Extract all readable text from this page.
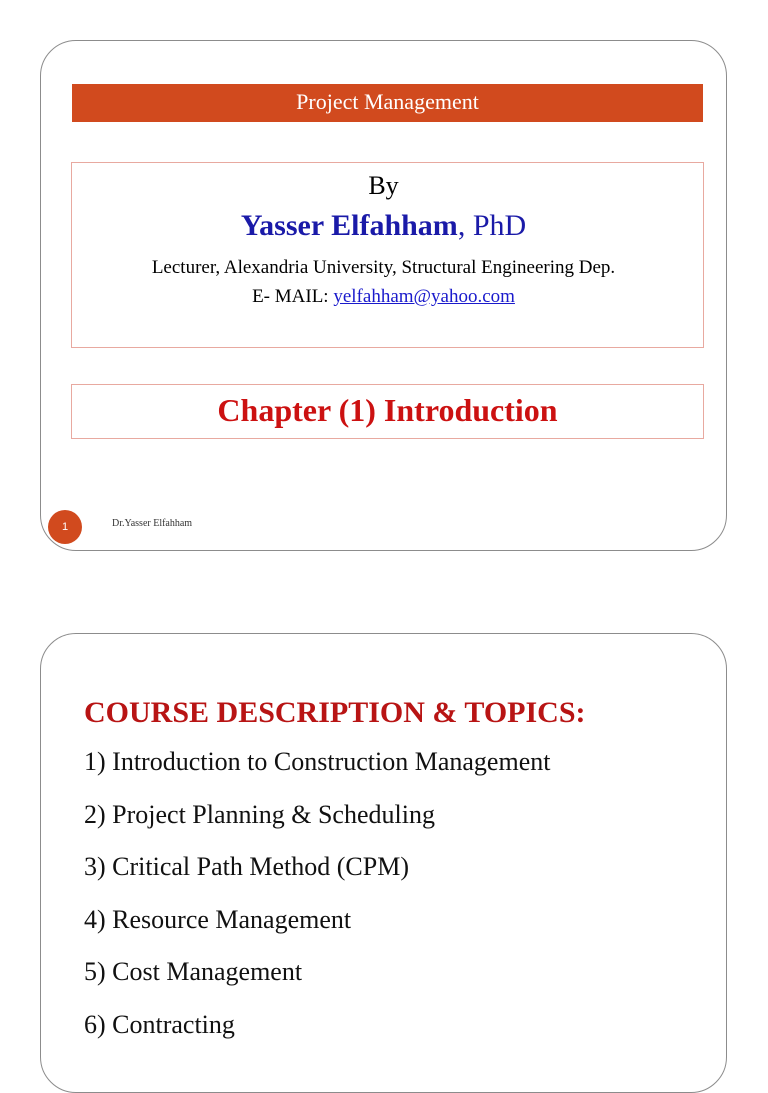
Project Management
By
Yasser Elfahham, PhD
Lecturer, Alexandria University, Structural Engineering Dep.
E- MAIL: yelfahham@yahoo.com
Chapter (1) Introduction
1	Dr.Yasser Elfahham
COURSE DESCRIPTION & TOPICS:
1) Introduction to Construction Management
2) Project Planning & Scheduling
3) Critical Path Method (CPM)
4) Resource Management
5) Cost Management
6) Contracting
